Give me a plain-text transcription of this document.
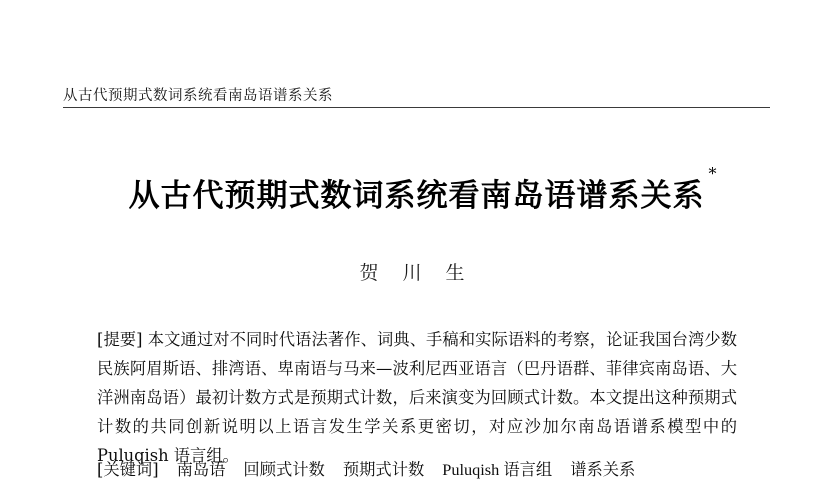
从古代预期式数词系统看南岛语谱系关系
从古代预期式数词系统看南岛语谱系关系
*
贺 川 生

[提要] 本文通过对不同时代语法著作、词典、手稿和实际语料的考察，论证我国台湾少数民族阿眉斯语、排湾语、卑南语与马来—波利尼西亚语言（巴丹语群、菲律宾南岛语、大洋洲南岛语）最初计数方式是预期式计数，后来演变为回顾式计数。本文提出这种预期式计数的共同创新说明以上语言发生学关系更密切，对应沙加尔南岛语谱系模型中的 Puluqish 语言组。

[关键词] 南岛语 回顾式计数 预期式计数 Puluqish 语言组 谱系关系
